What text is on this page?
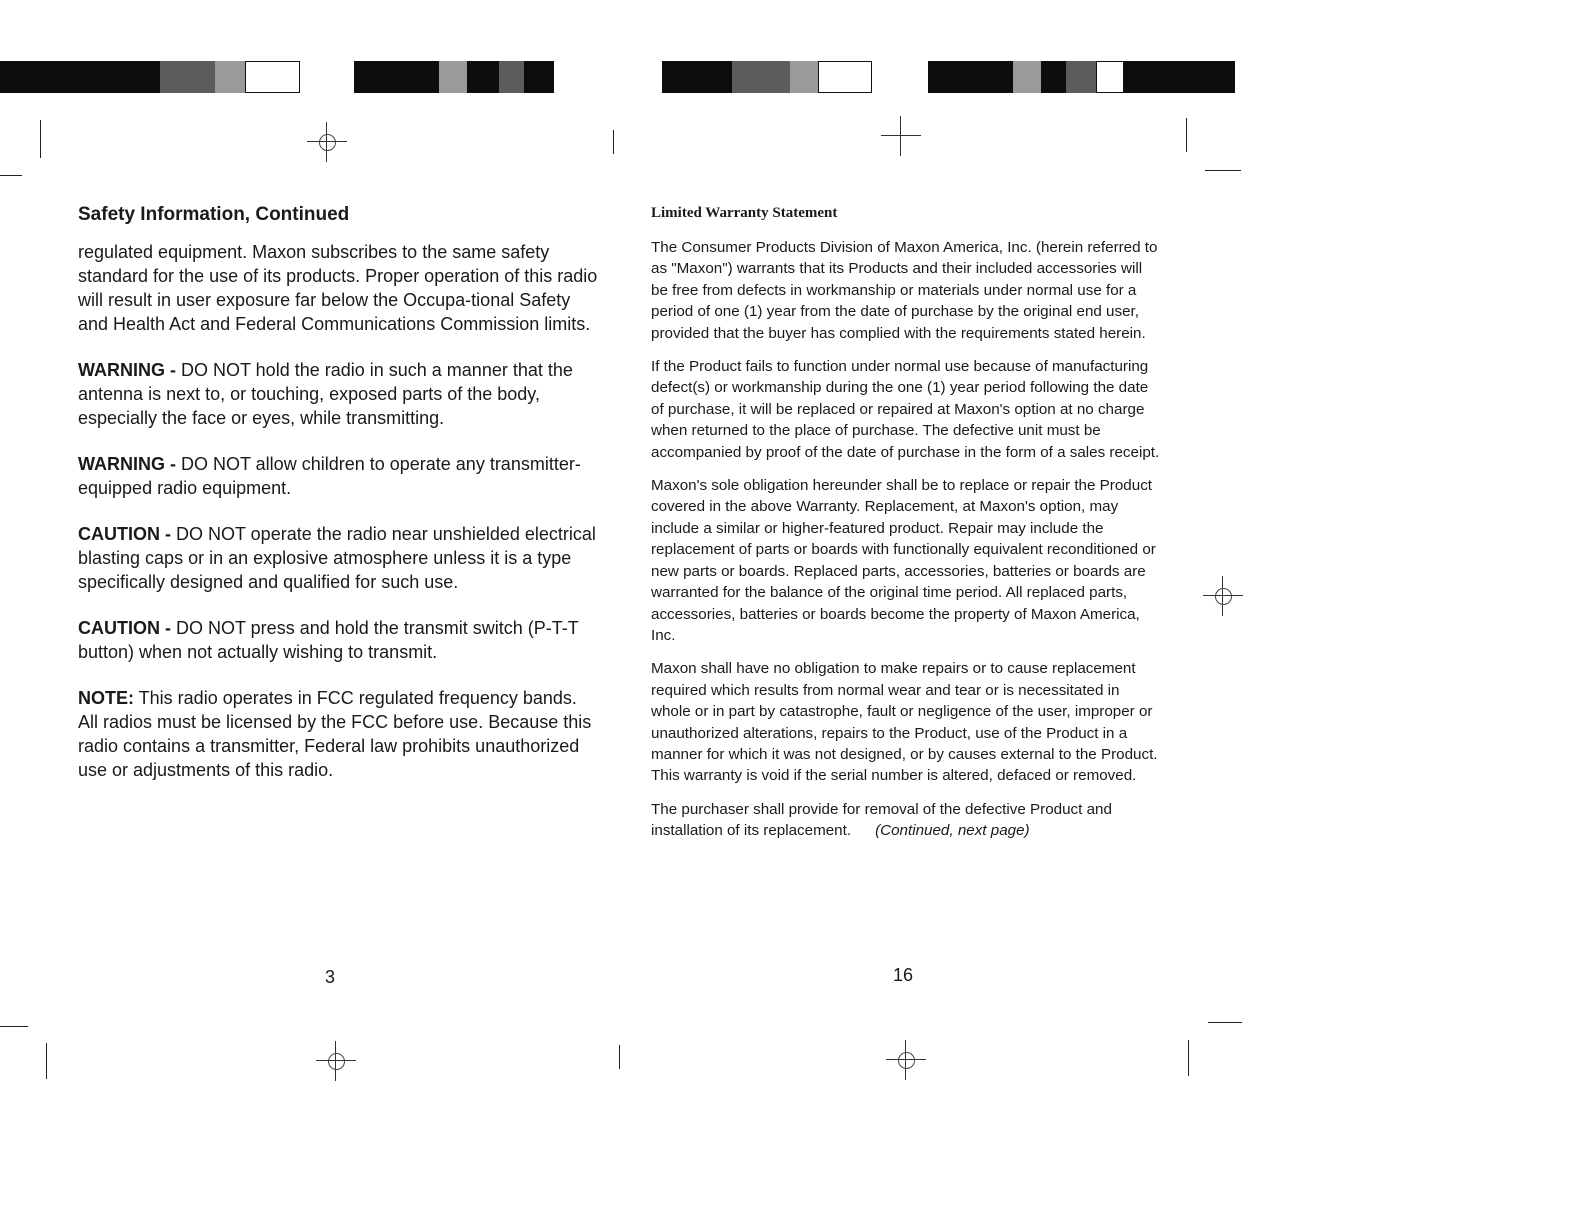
Safety Information, Continued

regulated equipment. Maxon subscribes to the same safety standard for the use of its products. Proper operation of this radio will result in user exposure far below the Occupa-tional Safety and Health Act and Federal Communications Commission limits.

WARNING - DO NOT hold the radio in such a manner that the antenna is next to, or touching, exposed parts of the body, especially the face or eyes, while transmitting.

WARNING - DO NOT allow children to operate any transmitter-equipped radio equipment.

CAUTION - DO NOT operate the radio near unshielded electrical blasting caps or in an explosive atmosphere unless it is a type specifically designed and qualified for such use.

CAUTION - DO NOT press and hold the transmit switch (P-T-T button) when not actually wishing to transmit.

NOTE: This radio operates in FCC regulated frequency bands. All radios must be licensed by the FCC before use. Because this radio contains a transmitter, Federal law prohibits unauthorized use or adjustments of this radio.

3
Limited Warranty Statement

The Consumer Products Division of Maxon America, Inc. (herein referred to as "Maxon") warrants that its Products and their included accessories will be free from defects in workmanship or materials under normal use for a period of one (1) year from the date of purchase by the original end user, provided that the buyer has complied with the requirements stated herein.

If the Product fails to function under normal use because of manufacturing defect(s) or workmanship during the one (1) year period following the date of purchase, it will be replaced or repaired at Maxon's option at no charge when returned to the place of purchase. The defective unit must be accompanied by proof of the date of purchase in the form of a sales receipt.

Maxon's sole obligation hereunder shall be to replace or repair the Product covered in the above Warranty. Replacement, at Maxon's option, may include a similar or higher-featured product. Repair may include the replacement of parts or boards with functionally equivalent reconditioned or new parts or boards. Replaced parts, accessories, batteries or boards are warranted for the balance of the original time period. All replaced parts, accessories, batteries or boards become the property of Maxon America, Inc.

Maxon shall have no obligation to make repairs or to cause replacement required which results from normal wear and tear or is necessitated in whole or in part by catastrophe, fault or negligence of the user, improper or unauthorized alterations, repairs to the Product, use of the Product in a manner for which it was not designed, or by causes external to the Product. This warranty is void if the serial number is altered, defaced or removed.

The purchaser shall provide for removal of the defective Product and installation of its replacement. (Continued, next page)

16
